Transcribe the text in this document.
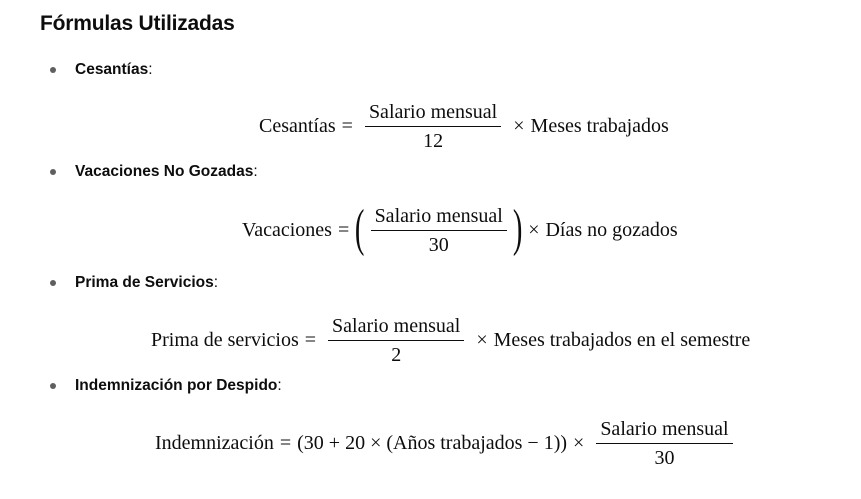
Fórmulas Utilizadas
Cesantías :
Cesantías = $\frac{\text{Salario mensual}}{12}$ × Meses trabajados
Vacaciones No Gozadas :
Vacaciones = ( $\frac{\text{Salario mensual}}{30}$ ) × Días no gozados
Prima de Servicios :
Prima de servicios = $\frac{\text{Salario mensual}}{2}$ × Meses trabajados en el semestre
Indemnización por Despido :
Indemnización = (30 + 20 × (Años trabajados − $1)) \times \frac{\text{Salario mensual}}{30}$
